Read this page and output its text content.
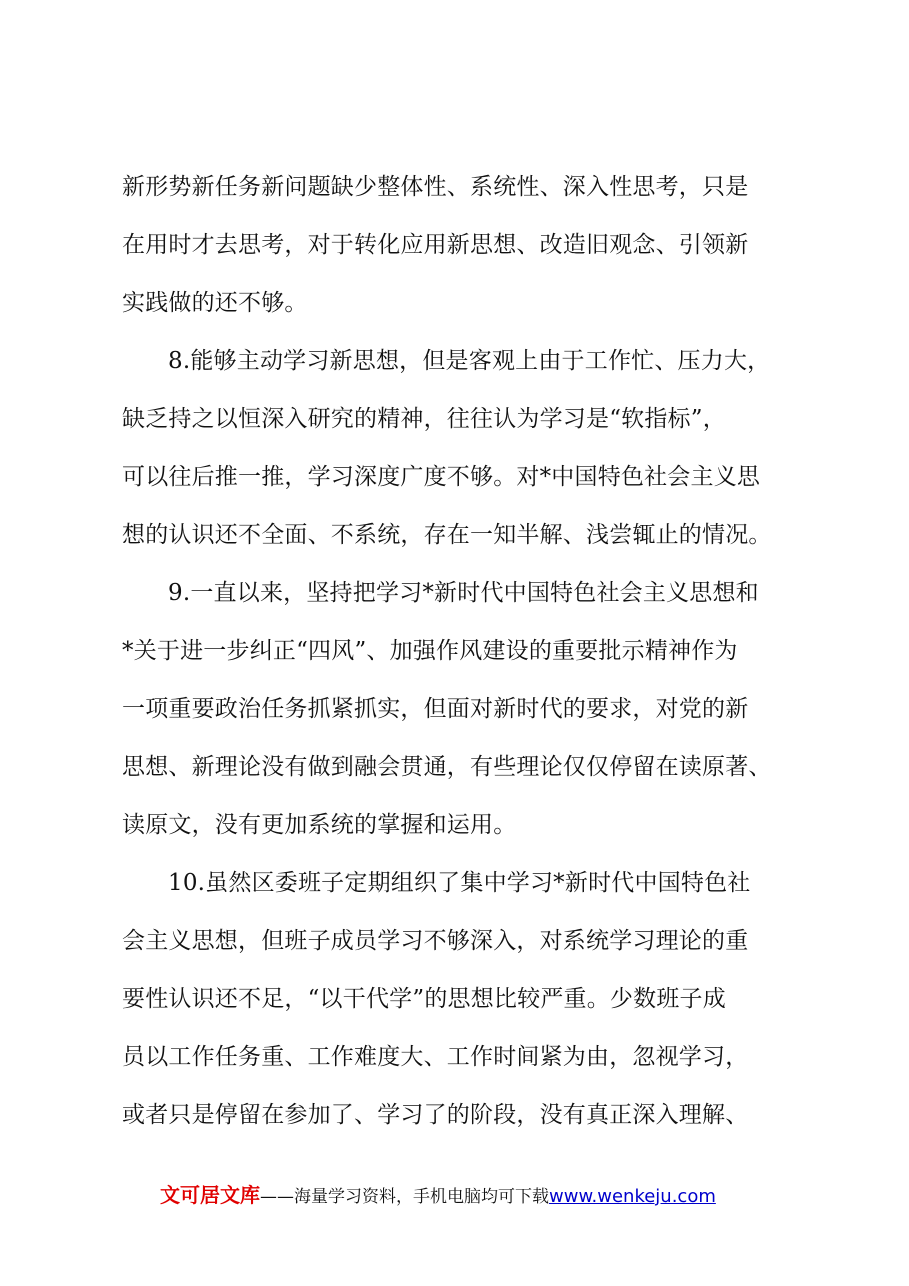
新形势新任务新问题缺少整体性、系统性、深入性思考，只是
在用时才去思考，对于转化应用新思想、改造旧观念、引领新
实践做的还不够。
8.能够主动学习新思想，但是客观上由于工作忙、压力大，
缺乏持之以恒深入研究的精神，往往认为学习是“软指标”，
可以往后推一推，学习深度广度不够。对*中国特色社会主义思
想的认识还不全面、不系统，存在一知半解、浅尝辄止的情况。
9.一直以来，坚持把学习*新时代中国特色社会主义思想和
*关于进一步纠正“四风”、加强作风建设的重要批示精神作为
一项重要政治任务抓紧抓实，但面对新时代的要求，对党的新
思想、新理论没有做到融会贯通，有些理论仅仅停留在读原著、
读原文，没有更加系统的掌握和运用。
10.虽然区委班子定期组织了集中学习*新时代中国特色社
会主义思想，但班子成员学习不够深入，对系统学习理论的重
要性认识还不足，“以干代学”的思想比较严重。少数班子成
员以工作任务重、工作难度大、工作时间紧为由，忽视学习，
或者只是停留在参加了、学习了的阶段，没有真正深入理解、
文可居文库——海量学习资料，手机电脑均可下载www.wenkeju.com
